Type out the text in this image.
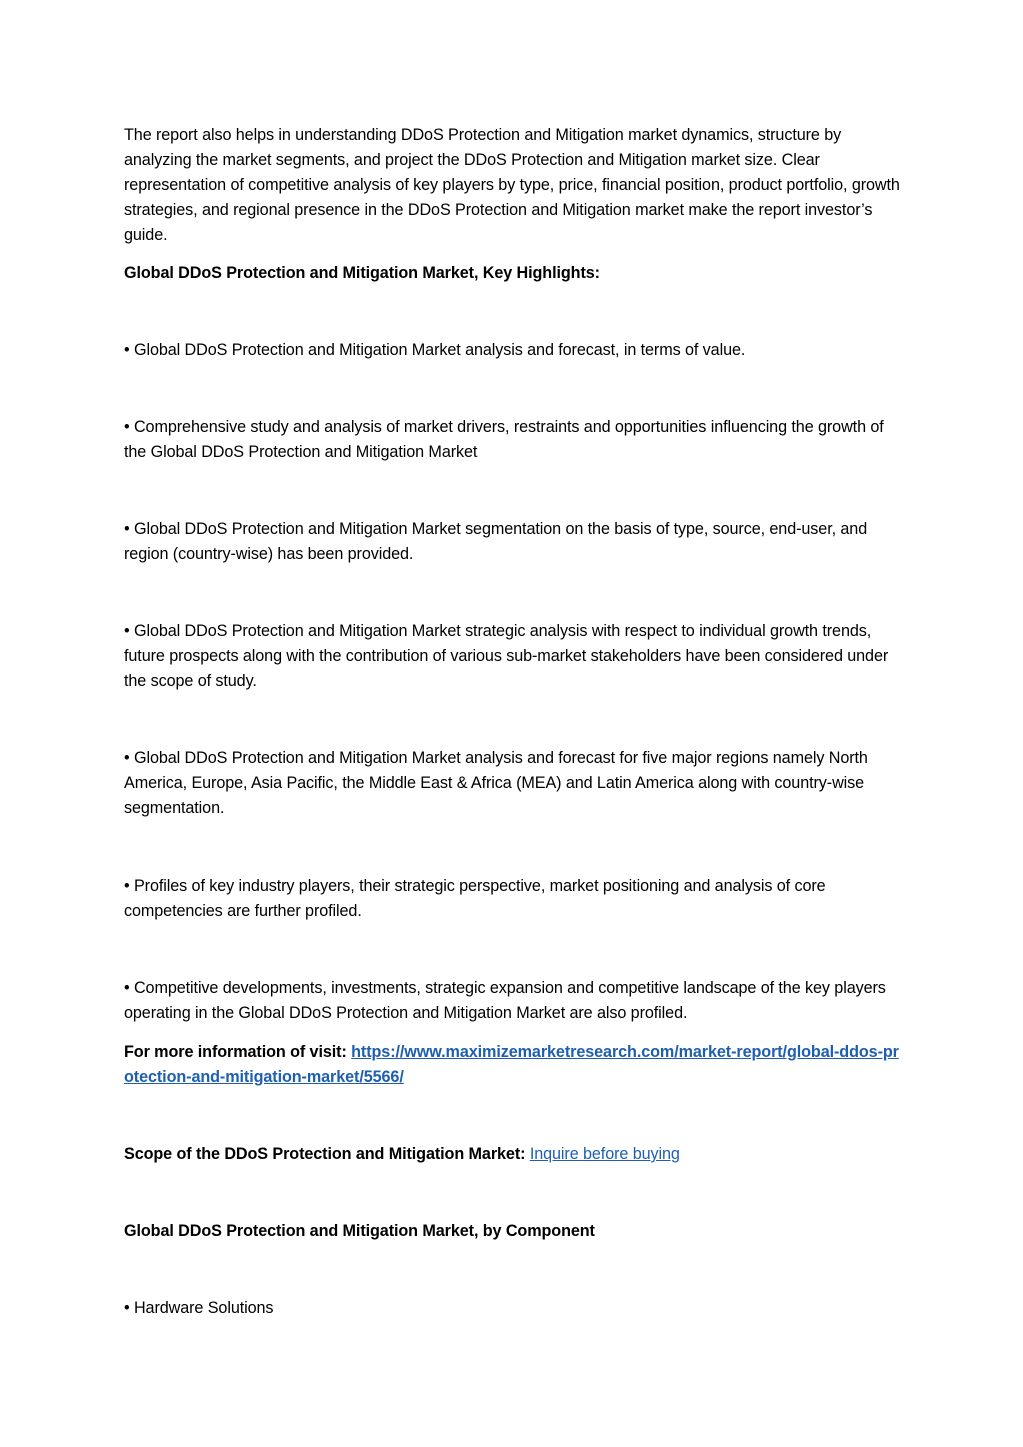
The report also helps in understanding DDoS Protection and Mitigation market dynamics, structure by analyzing the market segments, and project the DDoS Protection and Mitigation market size. Clear representation of competitive analysis of key players by type, price, financial position, product portfolio, growth strategies, and regional presence in the DDoS Protection and Mitigation market make the report investor’s guide.

Global DDoS Protection and Mitigation Market, Key Highlights:

• Global DDoS Protection and Mitigation Market analysis and forecast, in terms of value.

• Comprehensive study and analysis of market drivers, restraints and opportunities influencing the growth of the Global DDoS Protection and Mitigation Market

• Global DDoS Protection and Mitigation Market segmentation on the basis of type, source, end-user, and region (country-wise) has been provided.

• Global DDoS Protection and Mitigation Market strategic analysis with respect to individual growth trends, future prospects along with the contribution of various sub-market stakeholders have been considered under the scope of study.

• Global DDoS Protection and Mitigation Market analysis and forecast for five major regions namely North America, Europe, Asia Pacific, the Middle East & Africa (MEA) and Latin America along with country-wise segmentation.

• Profiles of key industry players, their strategic perspective, market positioning and analysis of core competencies are further profiled.

• Competitive developments, investments, strategic expansion and competitive landscape of the key players operating in the Global DDoS Protection and Mitigation Market are also profiled.

For more information of visit: https://www.maximizemarketresearch.com/market-report/global-ddos-protection-and-mitigation-market/5566/

Scope of the DDoS Protection and Mitigation Market: Inquire before buying

Global DDoS Protection and Mitigation Market, by Component

• Hardware Solutions
